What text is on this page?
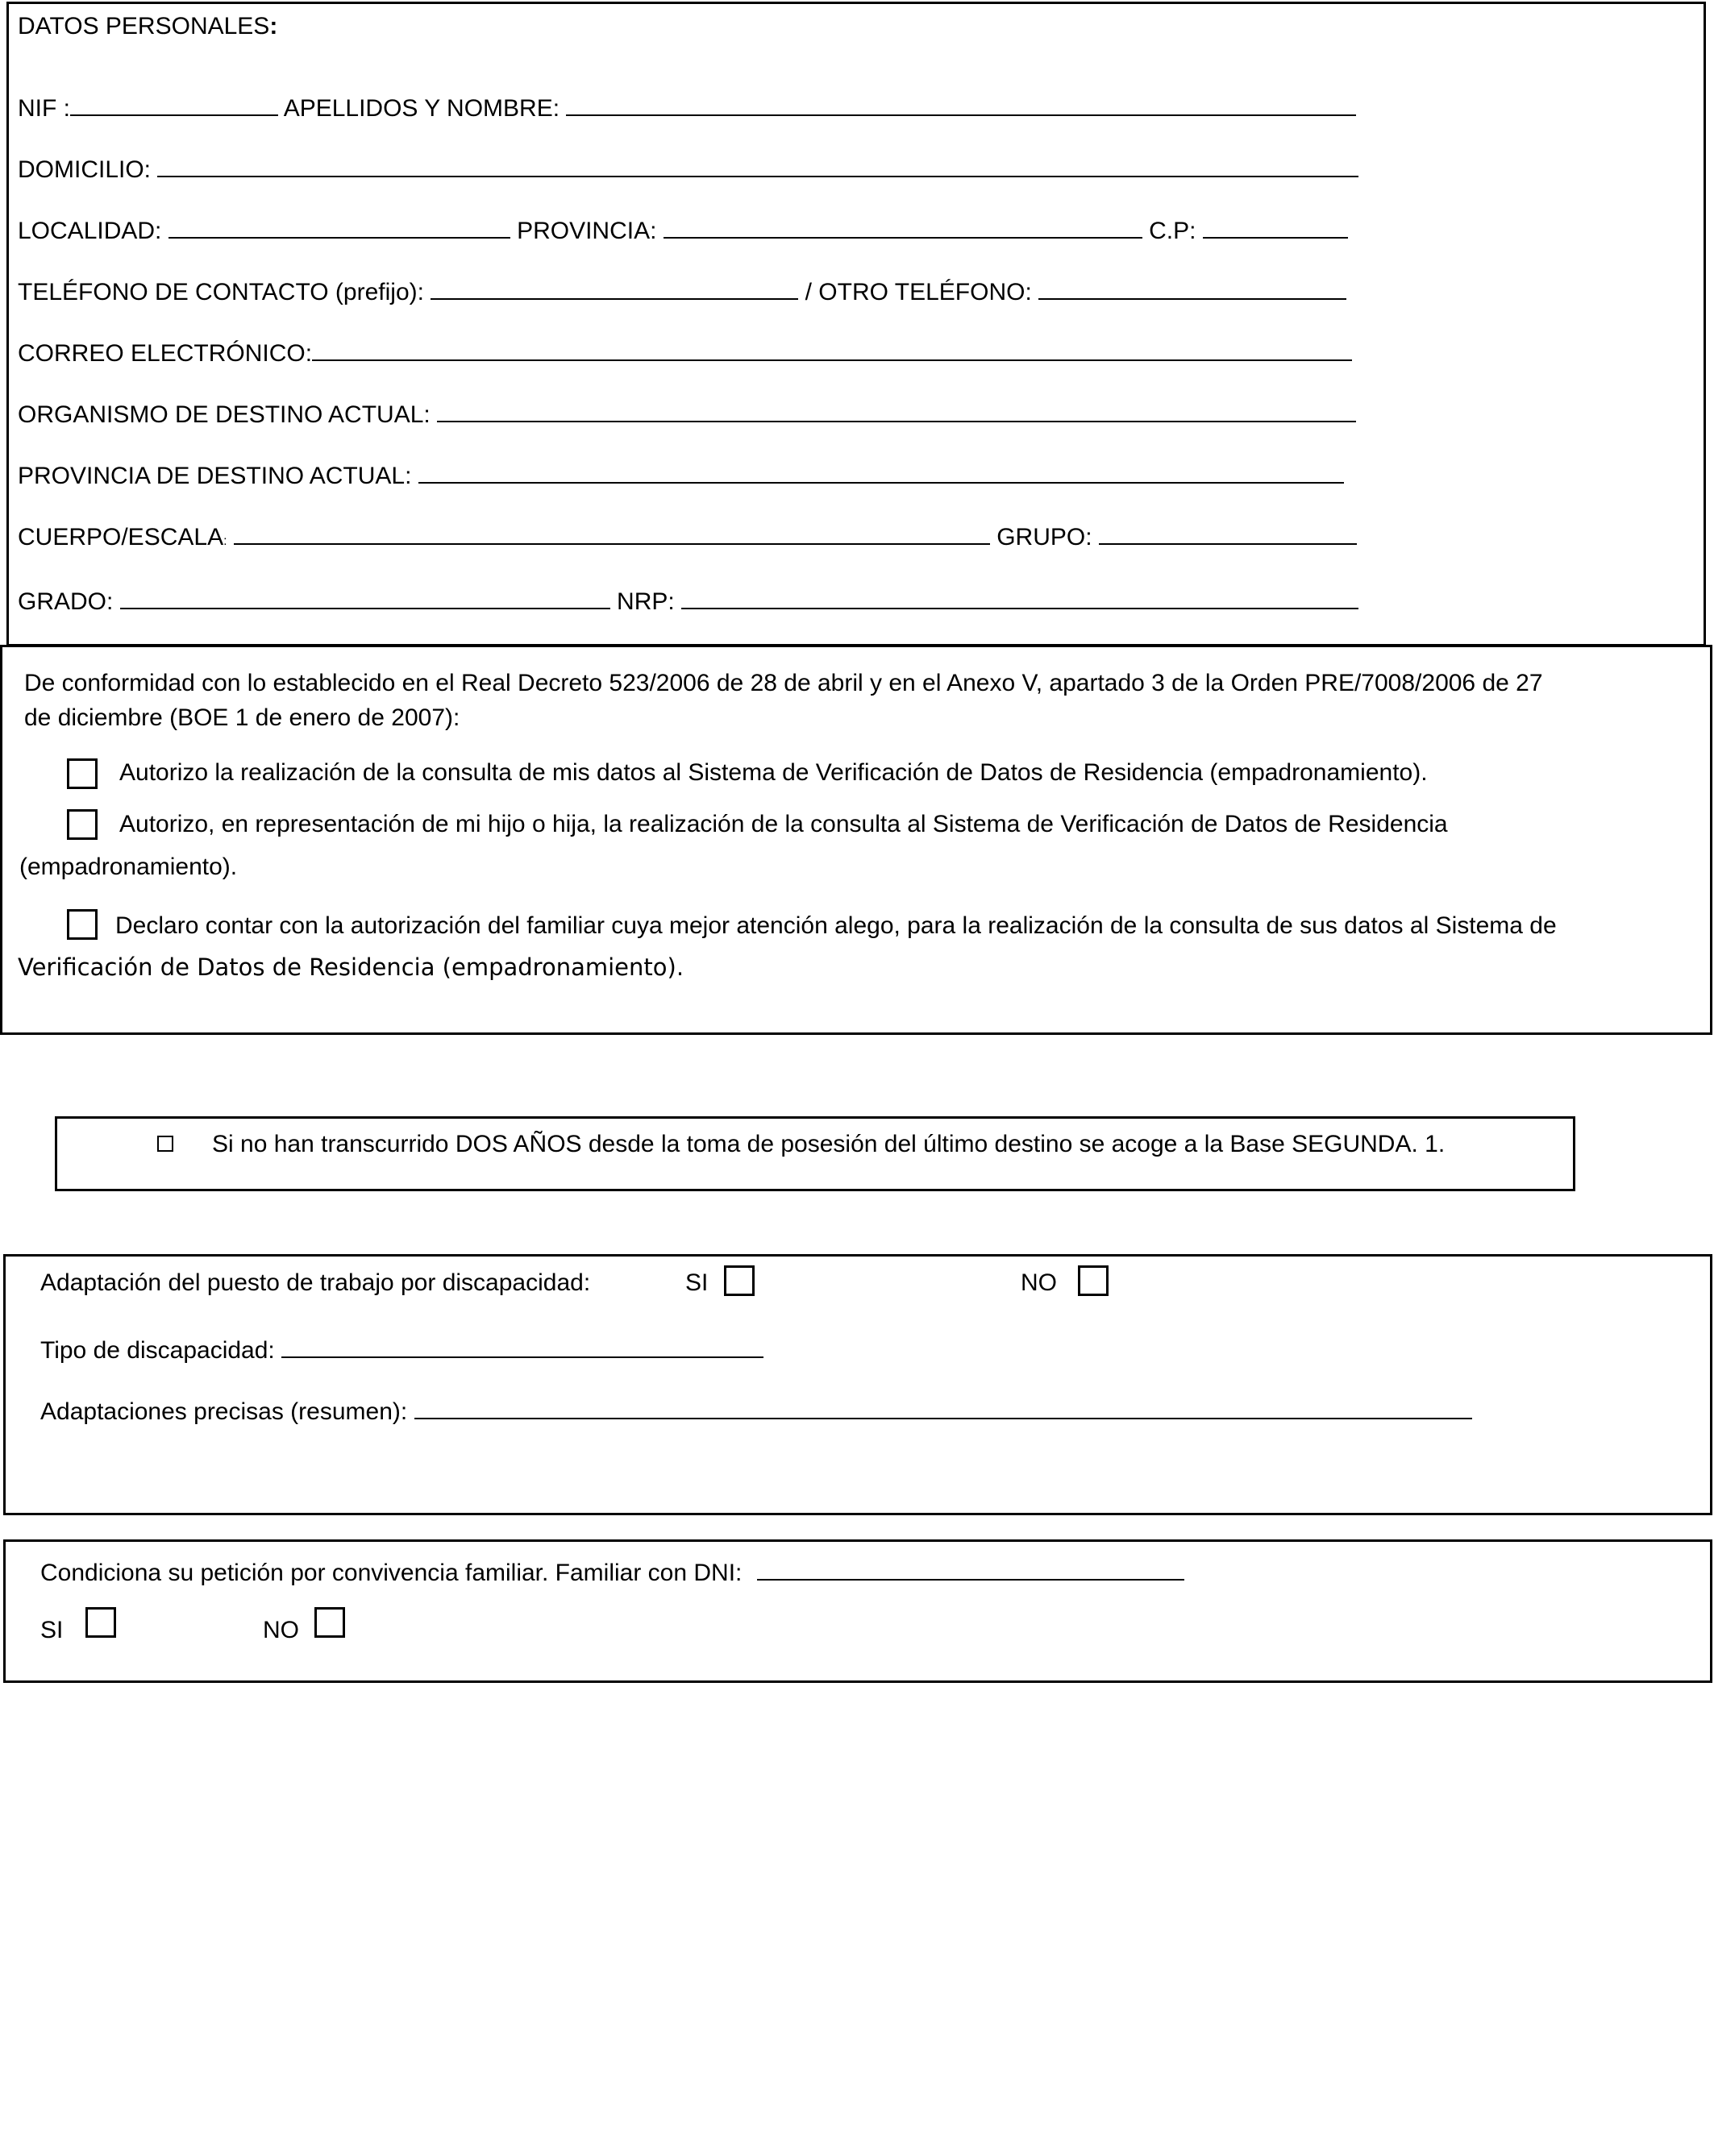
DATOS PERSONALES:
NIF :	APELLIDOS Y NOMBRE:
DOMICILIO:
LOCALIDAD:	PROVINCIA:	C.P:
TELÉFONO DE CONTACTO (prefijo):	/ OTRO TELÉFONO:
CORREO ELECTRÓNICO:
ORGANISMO DE DESTINO ACTUAL:
PROVINCIA DE DESTINO ACTUAL:
CUERPO/ESCALA:	GRUPO:
GRADO:	NRP:
De conformidad con lo establecido en el Real Decreto 523/2006 de 28 de abril y en el Anexo V, apartado 3 de la Orden PRE/7008/2006 de 27
de diciembre (BOE 1 de enero de 2007):
Autorizo la realización de la consulta de mis datos al Sistema de Verificación de Datos de Residencia (empadronamiento).
Autorizo, en representación de mi hijo o hija, la realización de la consulta al Sistema de Verificación de Datos de Residencia
(empadronamiento).
Declaro contar con la autorización del familiar cuya mejor atención alego, para la realización de la consulta de sus datos al Sistema de
Verificación de Datos de Residencia (empadronamiento).
Si no han transcurrido DOS AÑOS desde la toma de posesión del último destino se acoge a la Base SEGUNDA. 1.
Adaptación del puesto de trabajo por discapacidad:	SI	NO
Tipo de discapacidad:
Adaptaciones precisas (resumen):
Condiciona su petición por convivencia familiar. Familiar con DNI:
SI	NO
